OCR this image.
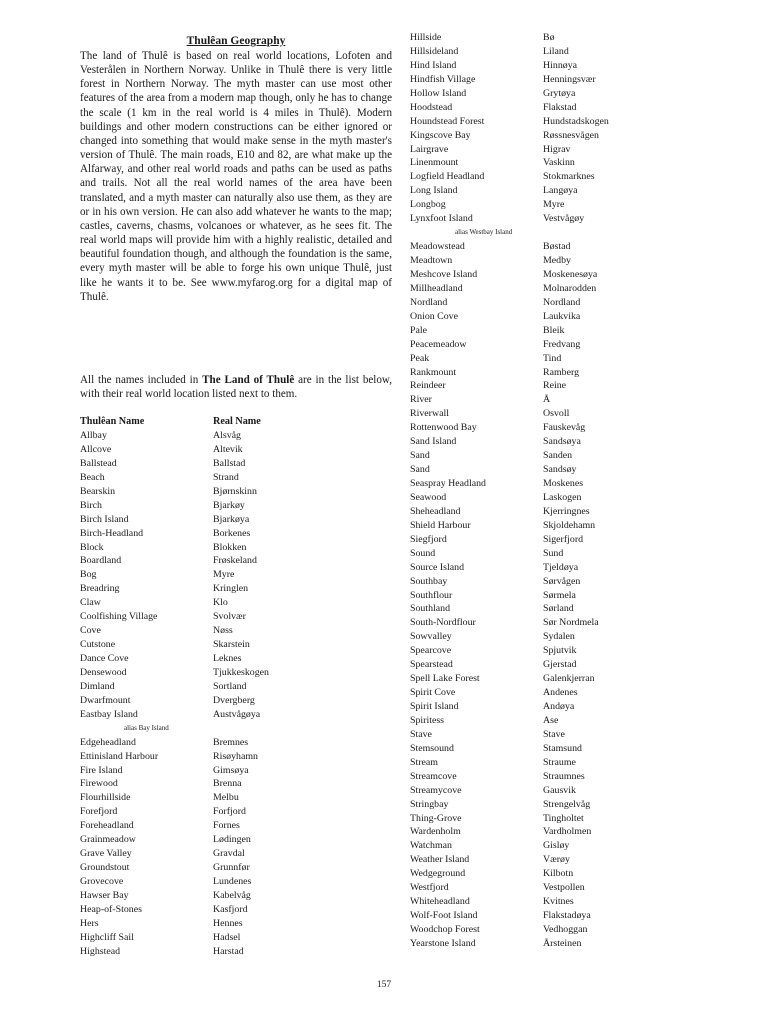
Thulêan Geography

The land of Thulê is based on real world locations, Lofoten and Vesterålen in Northern Norway. Unlike in Thulê there is very little forest in Northern Norway. The myth master can use most other features of the area from a modern map though, only he has to change the scale (1 km in the real world is 4 miles in Thulê). Modern buildings and other modern constructions can be either ignored or changed into something that would make sense in the myth master's version of Thulê. The main roads, E10 and 82, are what make up the Alfarway, and other real world roads and paths can be used as paths and trails. Not all the real world names of the area have been translated, and a myth master can naturally also use them, as they are or in his own version. He can also add whatever he wants to the map; castles, caverns, chasms, volcanoes or whatever, as he sees fit. The real world maps will provide him with a highly realistic, detailed and beautiful foundation though, and although the foundation is the same, every myth master will be able to forge his own unique Thulê, just like he wants it to be. See www.myfarog.org for a digital map of Thulê.

All the names included in The Land of Thulê are in the list below, with their real world location listed next to them.

Thulêan Name	Real Name
Allbay	Alsvåg
Allcove	Altevik
Ballstead	Ballstad
Beach	Strand
Bearskin	Bjørnskinn
Birch	Bjarkøy
Birch Island	Bjarkøya
Birch-Headland	Borkenes
Block	Blokken
Boardland	Frøskeland
Bog	Myre
Breadring	Kringlen
Claw	Klo
Coolfishing Village	Svolvær
Cove	Nøss
Cutstone	Skarstein
Dance Cove	Leknes
Densewood	Tjukkeskogen
Dimland	Sortland
Dwarfmount	Dvergberg
Eastbay Island	Austvågøya
alias Bay Island
Edgeheadland	Bremnes
Ettinisland Harbour	Risøyhamn
Fire Island	Gimsøya
Firewood	Brenna
Flourhillside	Melbu
Forefjord	Forfjord
Foreheadland	Fornes
Grainmeadow	Lødingen
Grave Valley	Gravdal
Groundstout	Grunnfør
Grovecove	Lundenes
Hawser Bay	Kabelvåg
Heap-of-Stones	Kasfjord
Hers	Hennes
Highcliff Sail	Hadsel
Highstead	Harstad
Hillside	Bø
Hillsideland	Liland
Hind Island	Hinnøya
Hindfish Village	Henningsvær
Hollow Island	Grytøya
Hoodstead	Flakstad
Houndstead Forest	Hundstadskogen
Kingscove Bay	Røssnesvågen
Lairgrave	Higrav
Linenmount	Vaskinn
Logfield Headland	Stokmarknes
Long Island	Langøya
Longbog	Myre
Lynxfoot Island	Vestvågøy
alias Westbay Island
Meadowstead	Bøstad
Meadtown	Medby
Meshcove Island	Moskenesøya
Millheadland	Molnarodden
Nordland	Nordland
Onion Cove	Laukvika
Pale	Bleik
Peacemeadow	Fredvang
Peak	Tind
Rankmount	Ramberg
Reindeer	Reine
River	Å
Riverwall	Osvoll
Rottenwood Bay	Fauskevåg
Sand Island	Sandsøya
Sand	Sanden
Sand	Sandsøy
Seaspray Headland	Moskenes
Seawood	Laskogen
Sheheadland	Kjerringnes
Shield Harbour	Skjoldehamn
Siegfjord	Sigerfjord
Sound	Sund
Source Island	Tjeldøya
Southbay	Sørvågen
Southflour	Sørmela
Southland	Sørland
South-Nordflour	Sør Nordmela
Sowvalley	Sydalen
Spearcove	Spjutvik
Spearstead	Gjerstad
Spell Lake Forest	Galenkjerran
Spirit Cove	Andenes
Spirit Island	Andøya
Spiritess	Ase
Stave	Stave
Stemsound	Stamsund
Stream	Straume
Streamcove	Straumnes
Streamycove	Gausvik
Stringbay	Strengelvåg
Thing-Grove	Tingholtet
Wardenholm	Vardholmen
Watchman	Gisløy
Weather Island	Værøy
Wedgeground	Kilbotn
Westfjord	Vestpollen
Whiteheadland	Kvitnes
Wolf-Foot Island	Flakstadøya
Woodchop Forest	Vedhoggan
Yearstone Island	Årsteinen
157
